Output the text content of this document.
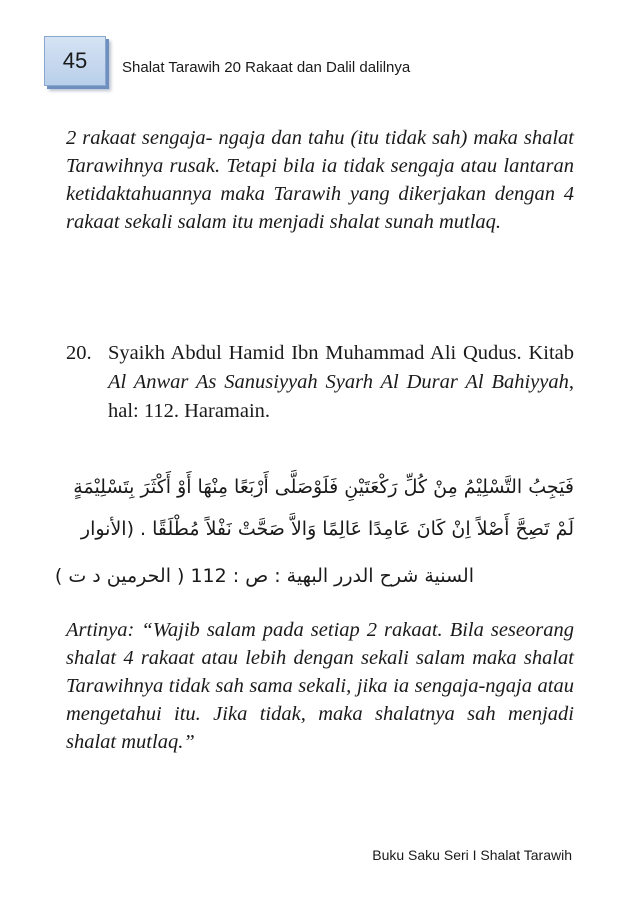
45 Shalat Tarawih 20 Rakaat dan Dalil dalilnya

2 rakaat sengaja- ngaja dan tahu (itu tidak sah) maka shalat Tarawihnya rusak. Tetapi bila ia tidak sengaja atau lantaran ketidaktahuannya maka Tarawih yang dikerjakan dengan 4 rakaat sekali salam itu menjadi shalat sunah mutlaq.

20. Syaikh Abdul Hamid Ibn Muhammad Ali Qudus. Kitab Al Anwar As Sanusiyyah Syarh Al Durar Al Bahiyyah, hal: 112. Haramain.
فَيَجِبُ التَّسْلِيْمُ مِنْ كُلِّ رَكْعَتَيْنِ فَلَوْصَلَّى أَرْبَعًا مِنْهَا أَوْ أَكْثَرَ بِتَسْلِيْمَةٍ
لَمْ تَصِحَّ أَصْلاً اِنْ كَانَ عَامِدًا عَالِمًا وَالاَّ صَحَّتْ نَفْلاً مُطْلَقًا . (الأنوار
السنية شرح الدرر البهية : ص : 112 ( الحرمين د ت )

Artinya: “Wajib salam pada setiap 2 rakaat. Bila seseorang shalat 4 rakaat atau lebih dengan sekali salam maka shalat Tarawihnya tidak sah sama sekali, jika ia sengaja-ngaja atau mengetahui itu. Jika tidak, maka shalatnya sah menjadi shalat mutlaq.”

Buku Saku Seri I Shalat Tarawih
